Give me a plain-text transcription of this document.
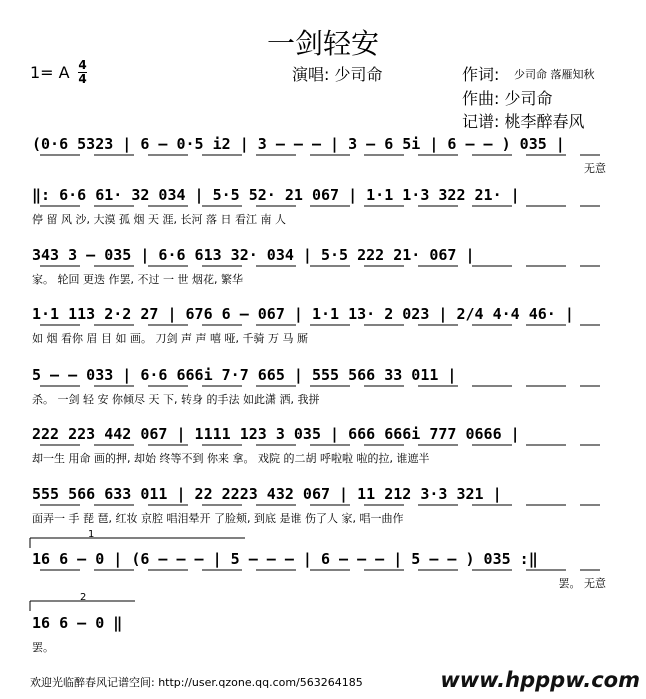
一剑轻安
1= A 4
4	演唱: 少司命	作词: 少司命 落雁知秋
作曲: 少司命
记谱: 桃李醉春风
(0·6 5323 | 6 – 0·5 i2 | 3 – – – | 3 – 6 5i | 6 – – ) 035 |
无意
‖: 6·6 61· 32 034 | 5·5 52· 21 067 | 1·1 1·3 322 21· |
停 留 风 沙, 大漠 孤 烟 天 涯, 长河 落 日 看江 南 人
343 3 – 035 | 6·6 613 32· 034 | 5·5 222 21· 067 |
家。 轮回 更迭 作罢, 不过 一 世 烟花, 繁华
1·1 113 2·2 27 | 676 6 – 067 | 1·1 13· 2 023 | 2/4 4·4 46· |
如 烟 看你 眉 目 如 画。 刀剑 声 声 嘻 哑, 千骑 万 马 厮
5 – – 033 | 6·6 666i 7·7 665 | 555 566 33 011 |
杀。 一剑 轻 安 你倾尽 天 下, 转身 的手法 如此潇 洒, 我拼
222 223 442 067 | 1111 123 3 035 | 666 666i 777 0666 |
却一生 用命 画的押, 却始 终等不到 你来 拿。 戏院 的二胡 呼啦啦 啦的拉, 谁遮半
555 566 633 011 | 22 2223 432 067 | 11 212 3·3 321 |
面弄一 手 琵 琶, 红妆 京腔 唱泪晕开 了脸颊, 到底 是谁 伤了人 家, 唱一曲作
16 6 – 0 | (6 – – – | 5 – – – | 6 – – – | 5 – – ) 035 :‖
罢。 无意
16 6 – 0 ‖
罢。
1
2
欢迎光临醉春风记谱空间: http://user.qzone.qq.com/563264185	www.hpppw.com
